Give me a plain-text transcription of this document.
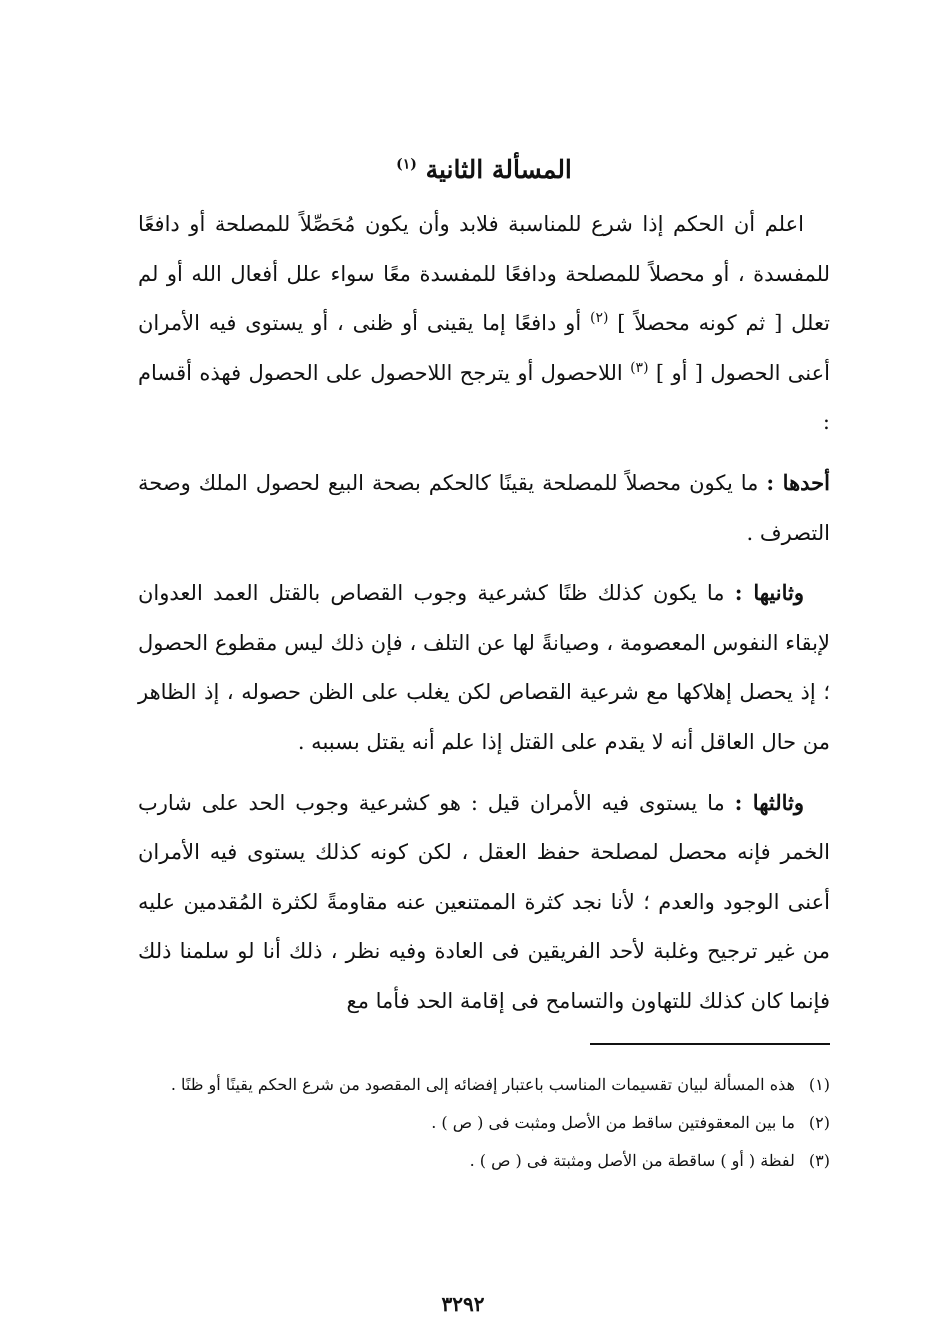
المسألة الثانية $^{(١)}$

اعلم أن الحكم إذا شرع للمناسبة فلابد وأن يكون مُحَصِّلاً للمصلحة أو دافعًا للمفسدة ، أو محصلاً للمصلحة ودافعًا للمفسدة معًا سواء علل أفعال الله أو لم تعلل [ ثم كونه محصلاً ] $^{(٢)}$ أو دافعًا إما يقينى أو ظنى ، أو يستوى فيه الأمران أعنى الحصول [ أو ] $^{(٣)}$ اللاحصول أو يترجح اللاحصول على الحصول فهذه أقسام :

أحدها : ما يكون محصلاً للمصلحة يقينًا كالحكم بصحة البيع لحصول الملك وصحة التصرف .

وثانيها : ما يكون كذلك ظنًا كشرعية وجوب القصاص بالقتل العمد العدوان لإبقاء النفوس المعصومة ، وصيانةً لها عن التلف ، فإن ذلك ليس مقطوع الحصول ؛ إذ يحصل إهلاكها مع شرعية القصاص لكن يغلب على الظن حصوله ، إذ الظاهر من حال العاقل أنه لا يقدم على القتل إذا علم أنه يقتل بسببه .

وثالثها : ما يستوى فيه الأمران قيل : هو كشرعية وجوب الحد على شارب الخمر فإنه محصل لمصلحة حفظ العقل ، لكن كونه كذلك يستوى فيه الأمران أعنى الوجود والعدم ؛ لأنا نجد كثرة الممتنعين عنه مقاومةً لكثرة المُقدمين عليه من غير ترجيح وغلبة لأحد الفريقين فى العادة وفيه نظر ، ذلك أنا لو سلمنا ذلك فإنما كان كذلك للتهاون والتسامح فى إقامة الحد فأما مع

(١) هذه المسألة لبيان تقسيمات المناسب باعتبار إفضائه إلى المقصود من شرع الحكم يقينًا أو ظنًا .

(٢) ما بين المعقوفتين ساقط من الأصل ومثبت فى ( ص ) .

(٣) لفظة ( أو ) ساقطة من الأصل ومثبتة فى ( ص ) .

٣٢٩٢
